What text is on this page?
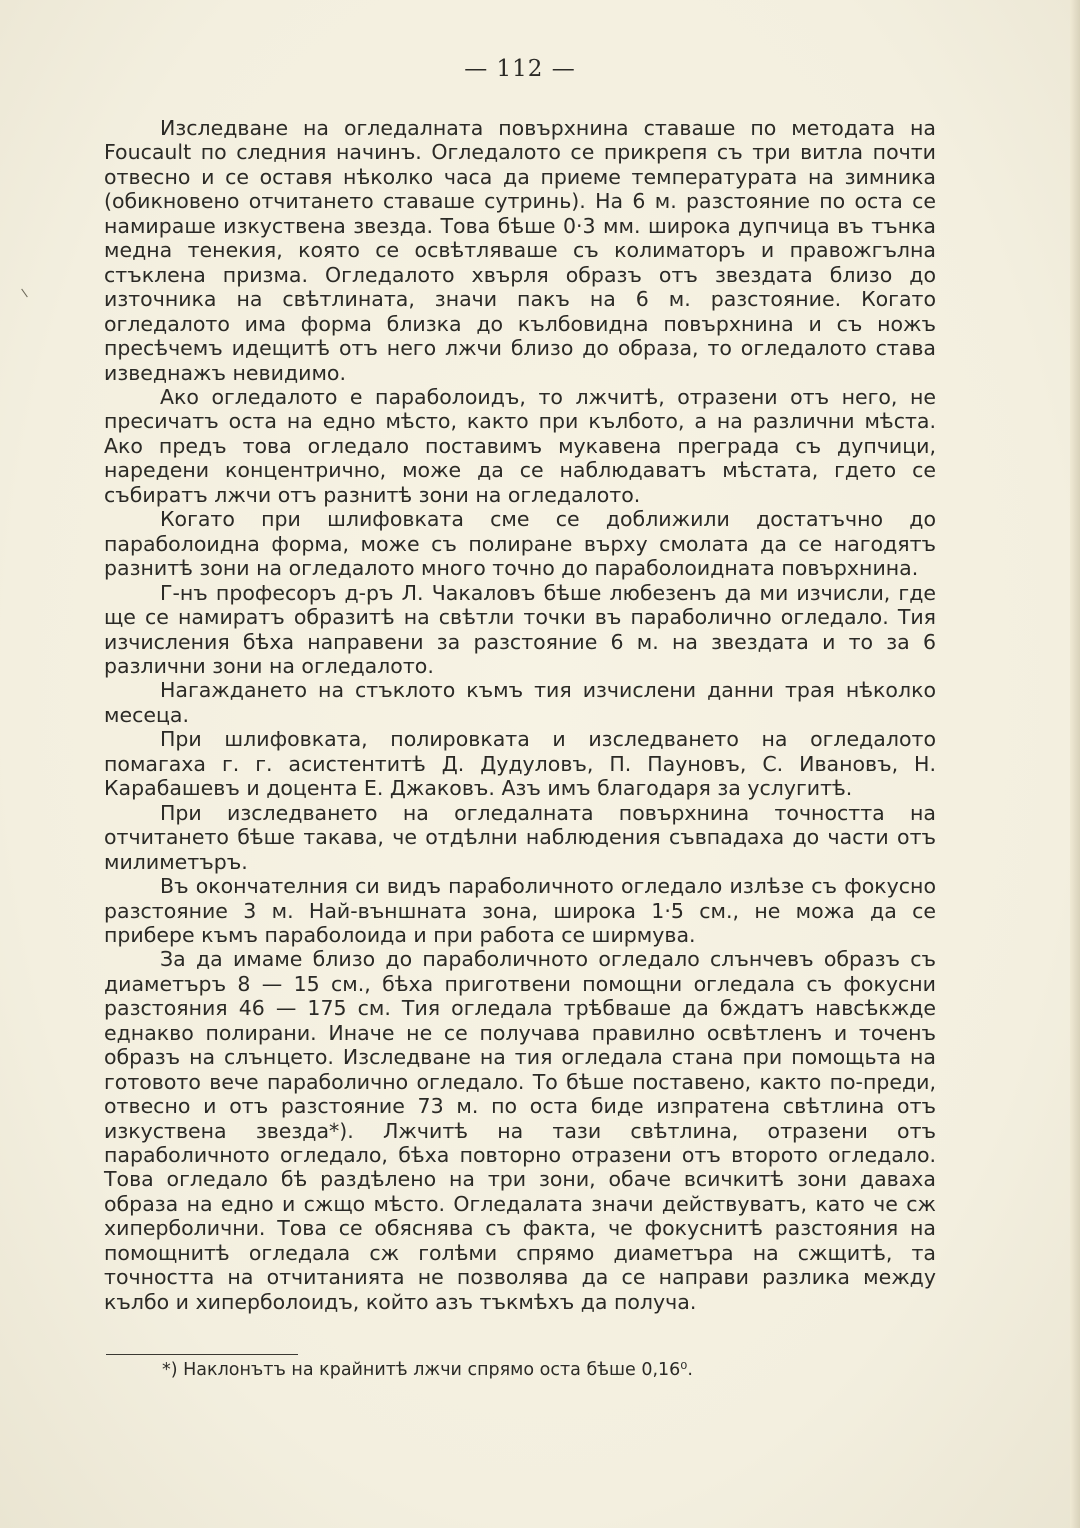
— 112 —

Изследване на огледалната повърхнина ставаше по методата на Foucault по следния начинъ. Огледалото се прикрепя съ три витла почти отвесно и се оставя нѣколко часа да приеме температурата на зимника (обикновено отчитането ставаше сутринь). На 6 м. разстояние по оста се намираше изкуствена звезда. Това бѣше 0·3 мм. широка дупчица въ тънка медна тенекия, която се освѣтляваше съ колиматоръ и правожгълна стъклена призма. Огледалото хвърля образъ отъ звездата близо до източника на свѣтлината, значи пакъ на 6 м. разстояние. Когато огледалото има форма близка до кълбовидна повърхнина и съ ножъ пресѣчемъ идещитѣ отъ него лжчи близо до образа, то огледалото става изведнажъ невидимо.

Ако огледалото е параболоидъ, то лжчитѣ, отразени отъ него, не пресичатъ оста на едно мѣсто, както при кълбото, а на различни мѣста. Ако предъ това огледало поставимъ мукавена преграда съ дупчици, наредени концентрично, може да се наблюдаватъ мѣстата, гдето се събиратъ лжчи отъ разнитѣ зони на огледалото.

Когато при шлифовката сме се доближили достатъчно до параболоидна форма, може съ полиране върху смолата да се нагодятъ разнитѣ зони на огледалото много точно до параболоидната повърхнина.

Г-нъ професоръ д-ръ Л. Чакаловъ бѣше любезенъ да ми изчисли, где ще се намиратъ образитѣ на свѣтли точки въ параболично огледало. Тия изчисления бѣха направени за разстояние 6 м. на звездата и то за 6 различни зони на огледалото.

Нагаждането на стъклото къмъ тия изчислени данни трая нѣколко месеца.

При шлифовката, полировката и изследването на огледалото помагаха г. г. асистентитѣ Д. Дудуловъ, П. Пауновъ, С. Ивановъ, Н. Карабашевъ и доцента Е. Джаковъ. Азъ имъ благодаря за услугитѣ.

При изследването на огледалната повърхнина точността на отчитането бѣше такава, че отдѣлни наблюдения съвпадаха до части отъ милиметъръ.

Въ окончателния си видъ параболичното огледало излѣзе съ фокусно разстояние 3 м. Най-външната зона, широка 1·5 см., не можа да се прибере къмъ параболоида и при работа се ширмува.

За да имаме близо до параболичното огледало слънчевъ образъ съ диаметъръ 8 — 15 см., бѣха приготвени помощни огледала съ фокусни разстояния 46 — 175 см. Тия огледала трѣбваше да бждатъ навсѣкжде еднакво полирани. Иначе не се получава правилно освѣтленъ и точенъ образъ на слънцето. Изследване на тия огледала стана при помощьта на готовото вече параболично огледало. То бѣше поставено, както по-преди, отвесно и отъ разстояние 73 м. по оста биде изпратена свѣтлина отъ изкуствена звезда*). Лжчитѣ на тази свѣтлина, отразени отъ параболичното огледало, бѣха повторно отразени отъ второто огледало. Това огледало бѣ раздѣлено на три зони, обаче всичкитѣ зони даваха образа на едно и сжщо мѣсто. Огледалата значи действуватъ, като че сж хиперболични. Това се обяснява съ факта, че фокуснитѣ разстояния на помощнитѣ огледала сж голѣми спрямо диаметъра на сжщитѣ, та точността на отчитанията не позволява да се направи разлика между кълбо и хиперболоидъ, който азъ тъкмѣхъ да получа.

*) Наклонътъ на крайнитѣ лжчи спрямо оста бѣше 0,16⁰.
